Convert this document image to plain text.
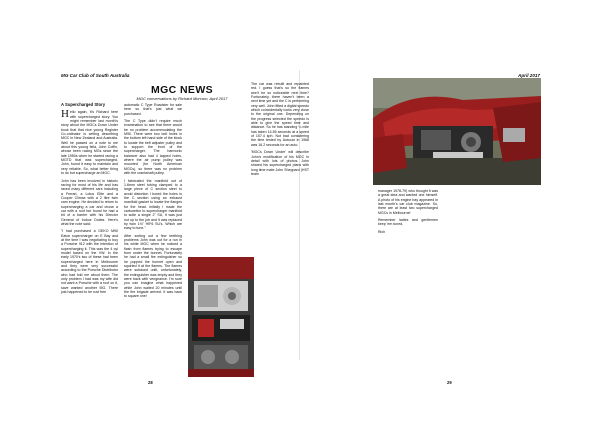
MG Car Club of South Australia	April 2017
MGC NEWS
MGC conversations by Richard Morcom, April 2017

A Supercharged Story

Hello again, it's Richard here with supercharged story. You might remember last month's story about the MGCs Down Under book that that nice young Register Co-ordinator is writing describing MGC in New Zealand and Australia. Well he passed on a note to me about this young fella, John Coffin, whose been racing MGs since the late 1950s when he started racing a MGTD that was supercharged. John, found it easy to maintain and very reliable. So, what better thing to do but supercharge an MGC.

John has been involved in historic racing for most of his life and has raced many different cars including a Ferrari, a Lotus Elite and a Cooper Climax with a 2 litre twin cam engine. He decided to return to supercharging a car and chose a car with a roof but found he had a bit of a barrier with his Director General of Indoor Duties. Here's what the note said;

"I had purchased a GEKO M90 Eaton supercharger on E Bay and at the time I was negotiating to buy a Porsche 912 with the intention of supercharging it. This was the 4 cyl model based on the VW. In the early 1970's two of these had been supercharged here in Melbourne and they were very successful according to the Porsche Distributor who had told me about them. The only problem I had was my wife did not want a Porsche with a roof on it, save wanted another MG. There just happened to be rust free

automatic C Type Roadster for sale here so that's just what we purchased.

The C Type didn't require much examination to see that there would be no problem accommodating the M90. There were two bolt holes in the bottom left hand side of the block to locate the belt adjuster pulley and to support the front of the supercharger. The harmonic balancer also had 4 tapped holes, where the air pump pulley was mounted (for North American MGCs), so there was no problem with the crankshaft pulley.

I fabricated the manifold out of 1.6mm steel tubing clamped to a large piece of C section steel to avoid distortion I bored the holes in the C section using an exhaust manifold gasket to locate the flanges for the head. Initially I made the carburettor to supercharger manifold to suite a single 2" SU, it was just not up to the job and it was replaced by twin 1¾" HIF6 SU's. Which are easy to tune."

After sorting out a few teething problems John was out for a run in his white MGC when he noticed a flash from flames trying to escape from under the bonnet. Fortunately he had a small fire extinguisher so he popped the bonnet open and squirted it at the flames. The flames were subdued until, unfortunately, the extinguisher was empty and they were back with vengeance. I'm sure you can imagine what happened while John waited 20 minutes until the fire brigade arrived. It was back to square one!

The car was rebuilt and repainted red. I guess that's so the flames won't be so noticeable next time? Fortunately, there haven't been a next time yet and the C is performing very well. John fitted a digital speedo which coincidentally looks very close to the original one. Depending on the progress selected the speedo is able to give the speed time and distance. So he has standing ¼ mile has taken 14.55 seconds at a speed of 157.4 kph. Not bad considering the time tested by Autocar in 1968 was 16.2 seconds for an auto.

'MGCs Down Under' will describe John's modification of his MGC in detail with lots of photos. John shared his supercharged plans with long time mate John Sheppard (HST team

manager 1978-79) who thought it was a great idea and wanted one himself. A photo of his engine bay appeared in last month's car club magazine. So, there are at least two supercharged MGCs in Melbourne!

Remember ladies and gentlemen keep 'em tuned,

Rich

28	29
